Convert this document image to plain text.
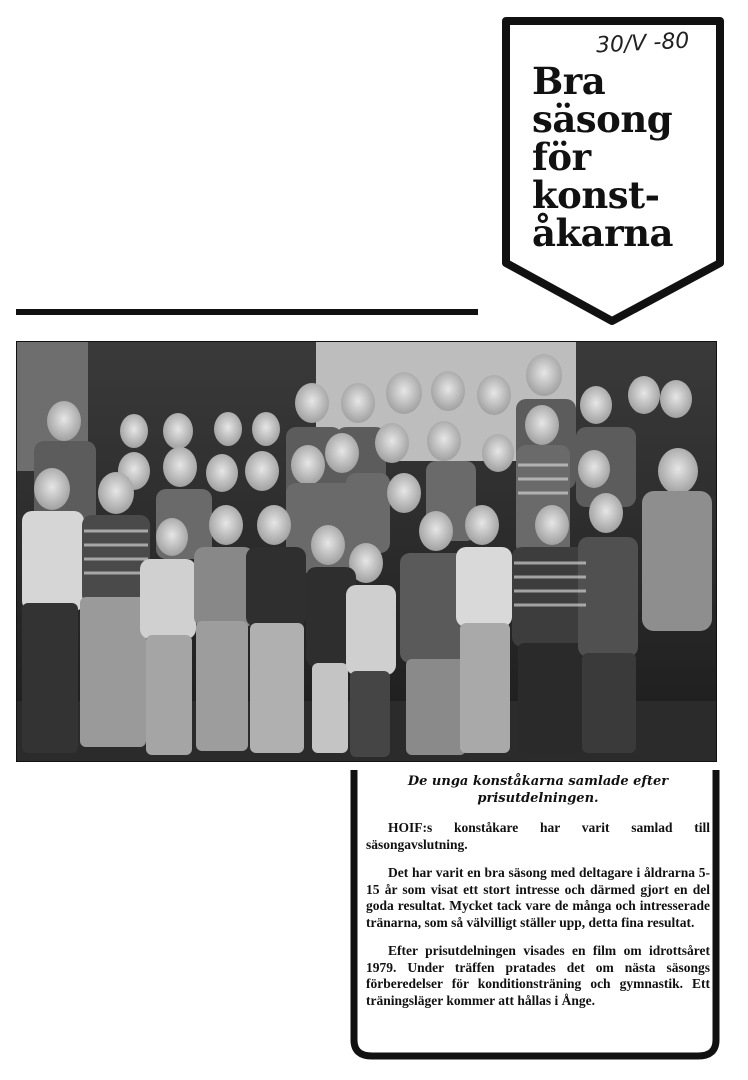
30/V -80
Bra
säsong
för
konst-
åkarna
De unga konståkarna samlade efter prisutdelningen.

HOIF:s konståkare har varit samlad till säsongavslutning.

Det har varit en bra säsong med deltagare i åldrarna 5-15 år som visat ett stort intresse och därmed gjort en del goda resultat. Mycket tack vare de många och intresserade tränarna, som så välvilligt ställer upp, detta fina resultat.

Efter prisutdelningen visades en film om idrottsåret 1979. Under träffen pratades det om nästa säsongs förberedelser för konditionsträning och gymnastik. Ett träningsläger kommer att hållas i Ånge.
